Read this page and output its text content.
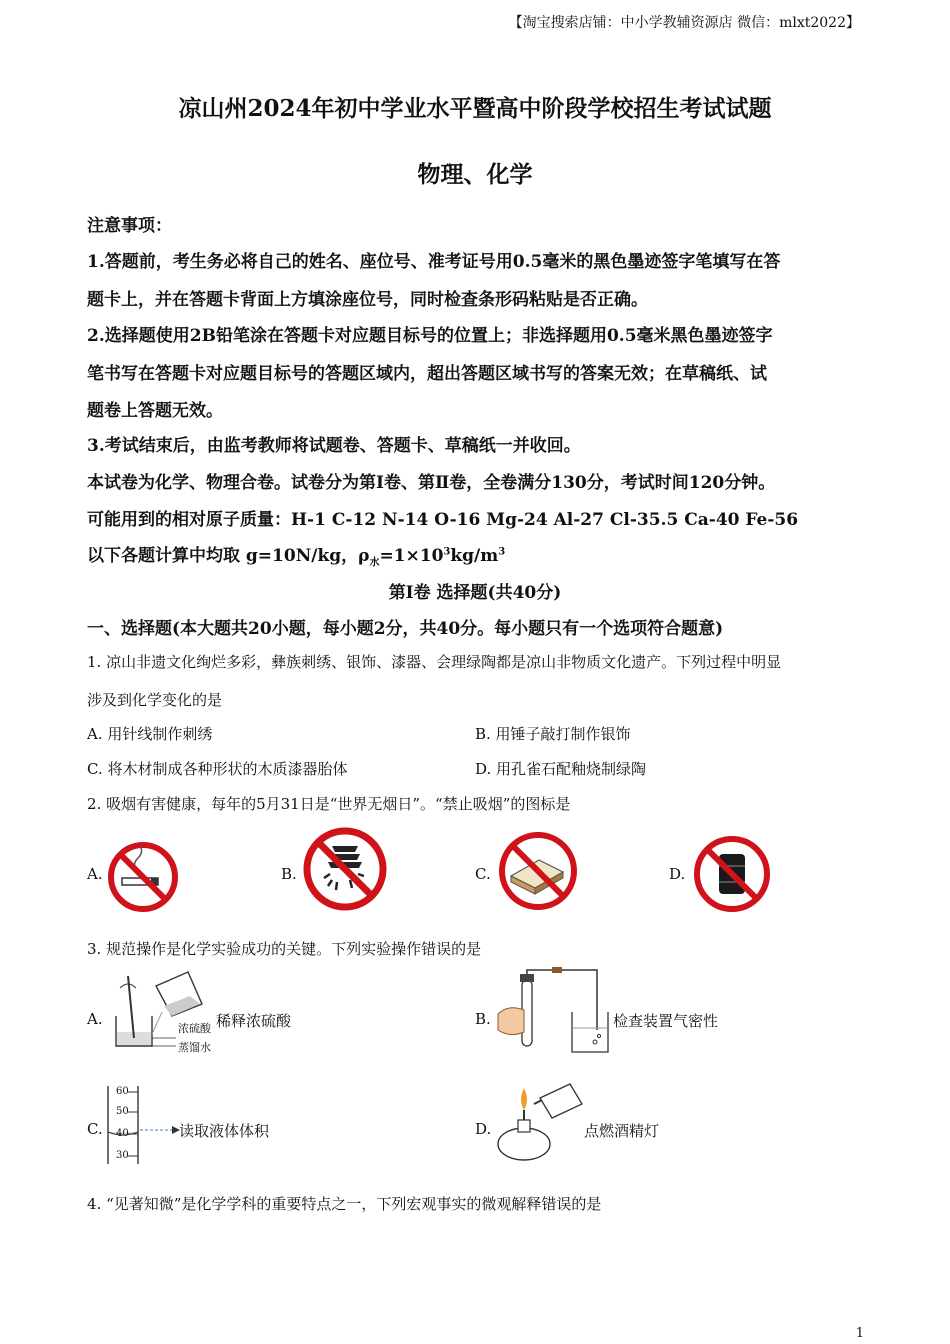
【淘宝搜索店铺：中小学教辅资源店 微信：mlxt2022】
凉山州2024年初中学业水平暨高中阶段学校招生考试试题
物理、化学
注意事项：
1.答题前，考生务必将自己的姓名、座位号、准考证号用0.5毫米的黑色墨迹签字笔填写在答
题卡上，并在答题卡背面上方填涂座位号，同时检查条形码粘贴是否正确。
2.选择题使用2B铅笔涂在答题卡对应题目标号的位置上；非选择题用0.5毫米黑色墨迹签字
笔书写在答题卡对应题目标号的答题区域内，超出答题区域书写的答案无效；在草稿纸、试
题卷上答题无效。
3.考试结束后，由监考教师将试题卷、答题卡、草稿纸一并收回。
本试卷为化学、物理合卷。试卷分为第I卷、第Ⅱ卷，全卷满分130分，考试时间120分钟。
可能用到的相对原子质量：H-1 C-12 N-14 O-16 Mg-24 Al-27 Cl-35.5 Ca-40 Fe-56
以下各题计算中均取 g=10N/kg，$\rho_水=1\times 10^3kg/m^3$
第I卷 选择题(共40分)
一、选择题(本大题共20小题，每小题2分，共40分。每小题只有一个选项符合题意)
1. 凉山非遗文化绚烂多彩，彝族刺绣、银饰、漆器、会理绿陶都是凉山非物质文化遗产。下列过程中明显
涉及到化学变化的是
A. 用针线制作刺绣	B. 用锤子敲打制作银饰
C. 将木材制成各种形状的木质漆器胎体	D. 用孔雀石配釉烧制绿陶
2. 吸烟有害健康，每年的5月31日是“世界无烟日”。“禁止吸烟”的图标是
A.	B.	C.	D.
3. 规范操作是化学实验成功的关键。下列实验操作错误的是
A.
浓硫酸
蒸馏水
稀释浓硫酸	B.	检查装置气密性
C.
60
50
40
30
读取液体体积	D.	点燃酒精灯
4. “见著知微”是化学学科的重要特点之一，下列宏观事实的微观解释错误的是
1
